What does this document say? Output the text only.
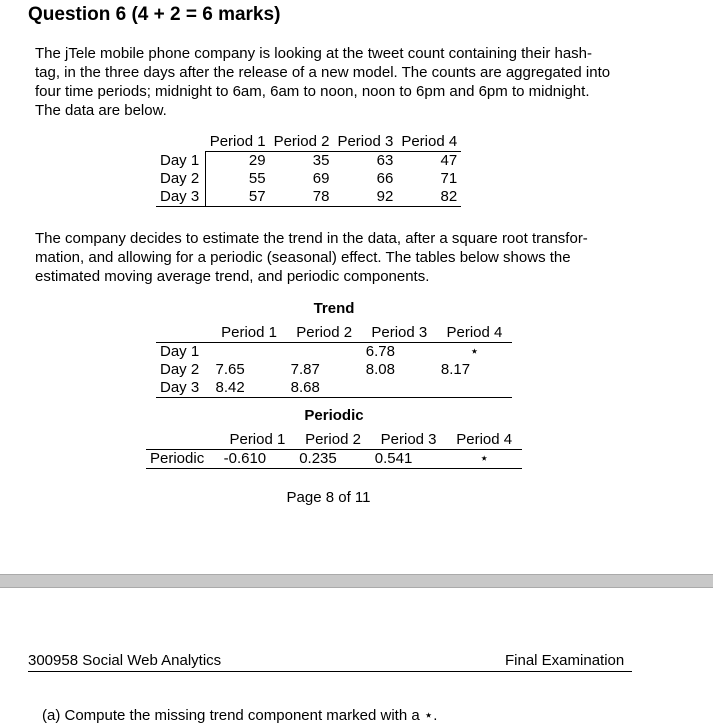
Question 6 (4 + 2 = 6 marks)
The jTele mobile phone company is looking at the tweet count containing their hash-
tag, in the three days after the release of a new model. The counts are aggregated into
four time periods; midnight to 6am, 6am to noon, noon to 6pm and 6pm to midnight.
The data are below.
	Period 1	Period 2	Period 3	Period 4
Day 1	29	35	63	47
Day 2	55	69	66	71
Day 3	57	78	92	82
The company decides to estimate the trend in the data, after a square root transfor-
mation, and allowing for a periodic (seasonal) effect. The tables below shows the
estimated moving average trend, and periodic components.
Trend
	Period 1	Period 2	Period 3	Period 4
Day 1			6.78	⋆
Day 2	7.65	7.87	8.08	8.17
Day 3	8.42	8.68		
Periodic
	Period 1	Period 2	Period 3	Period 4
Periodic	-0.610	0.235	0.541	⋆
Page 8 of 11
300958 Social Web Analytics	Final Examination
(a) Compute the missing trend component marked with a ⋆.
